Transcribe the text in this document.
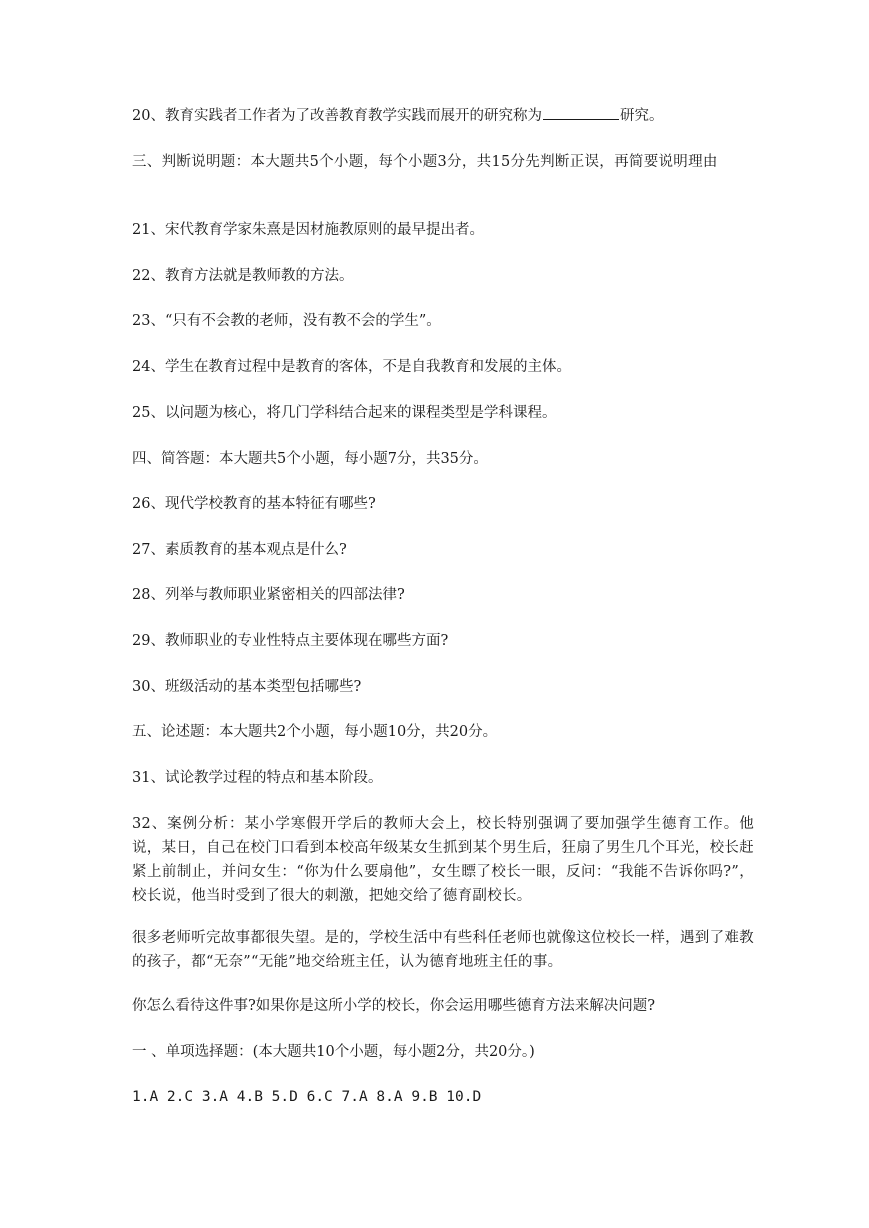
20、教育实践者工作者为了改善教育教学实践而展开的研究称为	研究。
三、判断说明题：本大题共5个小题，每个小题3分，共15分先判断正误，再简要说明理由
21、宋代教育学家朱熹是因材施教原则的最早提出者。
22、教育方法就是教师教的方法。
23、“只有不会教的老师，没有教不会的学生”。
24、学生在教育过程中是教育的客体，不是自我教育和发展的主体。
25、以问题为核心，将几门学科结合起来的课程类型是学科课程。
四、简答题：本大题共5个小题，每小题7分，共35分。
26、现代学校教育的基本特征有哪些?
27、素质教育的基本观点是什么?
28、列举与教师职业紧密相关的四部法律?
29、教师职业的专业性特点主要体现在哪些方面?
30、班级活动的基本类型包括哪些?
五、论述题：本大题共2个小题，每小题10分，共20分。
31、试论教学过程的特点和基本阶段。
32、案例分析：某小学寒假开学后的教师大会上，校长特别强调了要加强学生德育工作。他说，某日，自己在校门口看到本校高年级某女生抓到某个男生后，狂扇了男生几个耳光，校长赶紧上前制止，并问女生：“你为什么要扇他”，女生瞟了校长一眼，反问：“我能不告诉你吗?”，校长说，他当时受到了很大的刺激，把她交给了德育副校长。
很多老师听完故事都很失望。是的，学校生活中有些科任老师也就像这位校长一样，遇到了难教的孩子，都“无奈”“无能”地交给班主任，认为德育地班主任的事。
你怎么看待这件事?如果你是这所小学的校长，你会运用哪些德育方法来解决问题?
一 、单项选择题：(本大题共10个小题，每小题2分，共20分。)
1.A 2.C 3.A 4.B 5.D 6.C 7.A 8.A 9.B 10.D
